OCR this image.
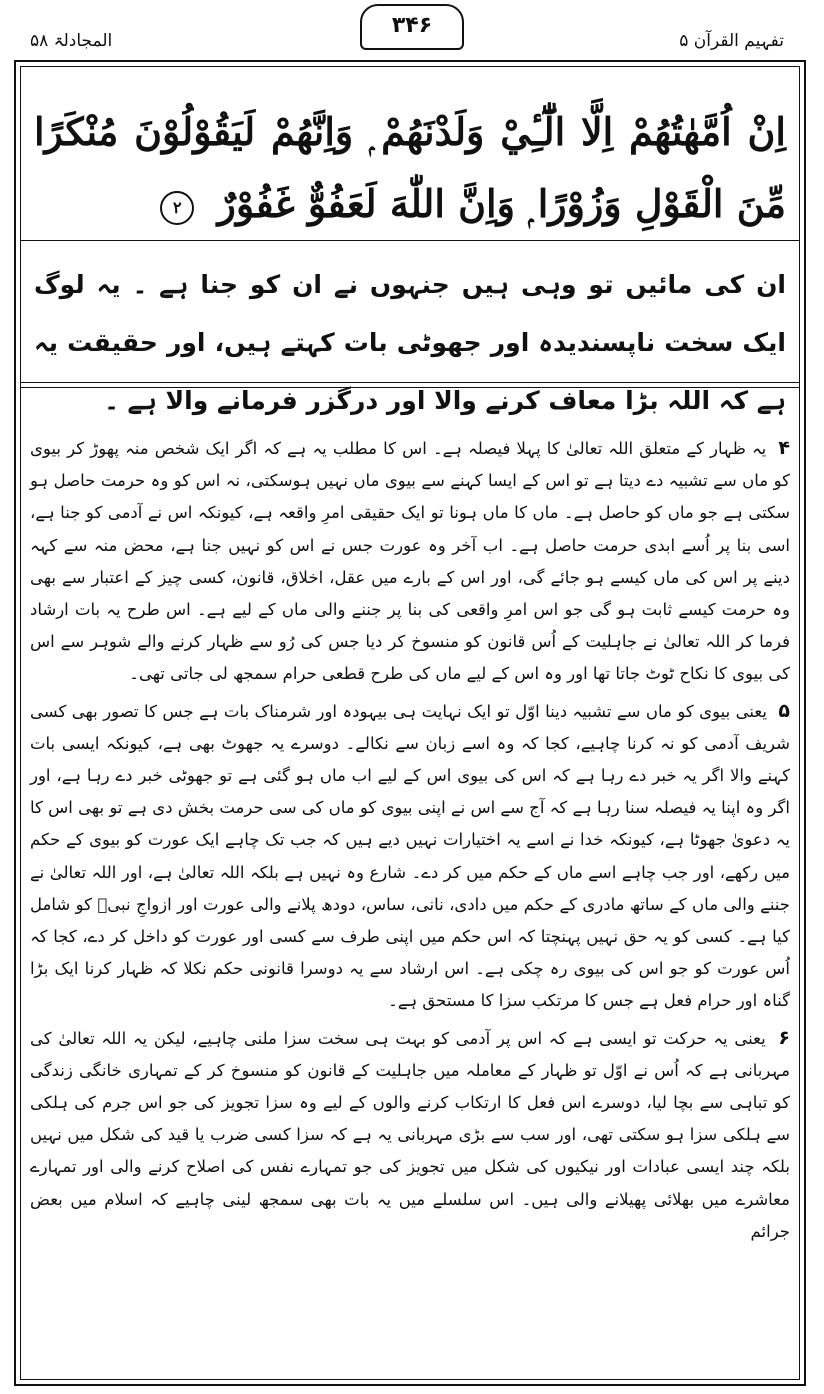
المجادلۃ ۵۸
۳۴۶
تفہیم القرآن ۵
اِنْ اُمَّهٰتُهُمْ اِلَّا الّٰٓـِٔيْ وَلَدْنَهُمْ ۭ وَاِنَّهُمْ لَيَقُوْلُوْنَ مُنْكَرًا مِّنَ الْقَوْلِ وَزُوْرًا ۭ وَاِنَّ اللّٰهَ لَعَفُوٌّ غَفُوْرٌ ۲
ان کی مائیں تو وہی ہیں جنہوں نے ان کو جنا ہے ۔ یہ لوگ ایک سخت ناپسندیدہ اور جھوٹی بات کہتے ہیں، اور حقیقت یہ ہے کہ اللہ بڑا معاف کرنے والا اور درگزر فرمانے والا ہے ۔

۴ یہ ظہار کے متعلق اللہ تعالیٰ کا پہلا فیصلہ ہے۔ اس کا مطلب یہ ہے کہ اگر ایک شخص منہ پھوڑ کر بیوی کو ماں سے تشبیہ دے دیتا ہے تو اس کے ایسا کہنے سے بیوی ماں نہیں ہوسکتی، نہ اس کو وہ حرمت حاصل ہو سکتی ہے جو ماں کو حاصل ہے۔ ماں کا ماں ہونا تو ایک حقیقی امرِ واقعہ ہے، کیونکہ اس نے آدمی کو جنا ہے، اسی بنا پر اُسے ابدی حرمت حاصل ہے۔ اب آخر وہ عورت جس نے اس کو نہیں جنا ہے، محض منہ سے کہہ دینے پر اس کی ماں کیسے ہو جائے گی، اور اس کے بارے میں عقل، اخلاق، قانون، کسی چیز کے اعتبار سے بھی وہ حرمت کیسے ثابت ہو گی جو اس امرِ واقعی کی بنا پر جننے والی ماں کے لیے ہے۔ اس طرح یہ بات ارشاد فرما کر اللہ تعالیٰ نے جاہلیت کے اُس قانون کو منسوخ کر دیا جس کی رُو سے ظہار کرنے والے شوہر سے اس کی بیوی کا نکاح ٹوٹ جاتا تھا اور وہ اس کے لیے ماں کی طرح قطعی حرام سمجھ لی جاتی تھی۔

۵ یعنی بیوی کو ماں سے تشبیہ دینا اوّل تو ایک نہایت ہی بیہودہ اور شرمناک بات ہے جس کا تصور بھی کسی شریف آدمی کو نہ کرنا چاہیے، کجا کہ وہ اسے زبان سے نکالے۔ دوسرے یہ جھوٹ بھی ہے، کیونکہ ایسی بات کہنے والا اگر یہ خبر دے رہا ہے کہ اس کی بیوی اس کے لیے اب ماں ہو گئی ہے تو جھوٹی خبر دے رہا ہے، اور اگر وہ اپنا یہ فیصلہ سنا رہا ہے کہ آج سے اس نے اپنی بیوی کو ماں کی سی حرمت بخش دی ہے تو بھی اس کا یہ دعویٰ جھوٹا ہے، کیونکہ خدا نے اسے یہ اختیارات نہیں دیے ہیں کہ جب تک چاہے ایک عورت کو بیوی کے حکم میں رکھے، اور جب چاہے اسے ماں کے حکم میں کر دے۔ شارع وہ نہیں ہے بلکہ اللہ تعالیٰ ہے، اور اللہ تعالیٰ نے جننے والی ماں کے ساتھ مادری کے حکم میں دادی، نانی، ساس، دودھ پلانے والی عورت اور ازواجِ نبیؐ کو شامل کیا ہے۔ کسی کو یہ حق نہیں پہنچتا کہ اس حکم میں اپنی طرف سے کسی اور عورت کو داخل کر دے، کجا کہ اُس عورت کو جو اس کی بیوی رہ چکی ہے۔ اس ارشاد سے یہ دوسرا قانونی حکم نکلا کہ ظہار کرنا ایک بڑا گناہ اور حرام فعل ہے جس کا مرتکب سزا کا مستحق ہے۔

۶ یعنی یہ حرکت تو ایسی ہے کہ اس پر آدمی کو بہت ہی سخت سزا ملنی چاہیے، لیکن یہ اللہ تعالیٰ کی مہربانی ہے کہ اُس نے اوّل تو ظہار کے معاملہ میں جاہلیت کے قانون کو منسوخ کر کے تمہاری خانگی زندگی کو تباہی سے بچا لیا، دوسرے اس فعل کا ارتکاب کرنے والوں کے لیے وہ سزا تجویز کی جو اس جرم کی ہلکی سے ہلکی سزا ہو سکتی تھی، اور سب سے بڑی مہربانی یہ ہے کہ سزا کسی ضرب یا قید کی شکل میں نہیں بلکہ چند ایسی عبادات اور نیکیوں کی شکل میں تجویز کی جو تمہارے نفس کی اصلاح کرنے والی اور تمہارے معاشرے میں بھلائی پھیلانے والی ہیں۔ اس سلسلے میں یہ بات بھی سمجھ لینی چاہیے کہ اسلام میں بعض جرائم
